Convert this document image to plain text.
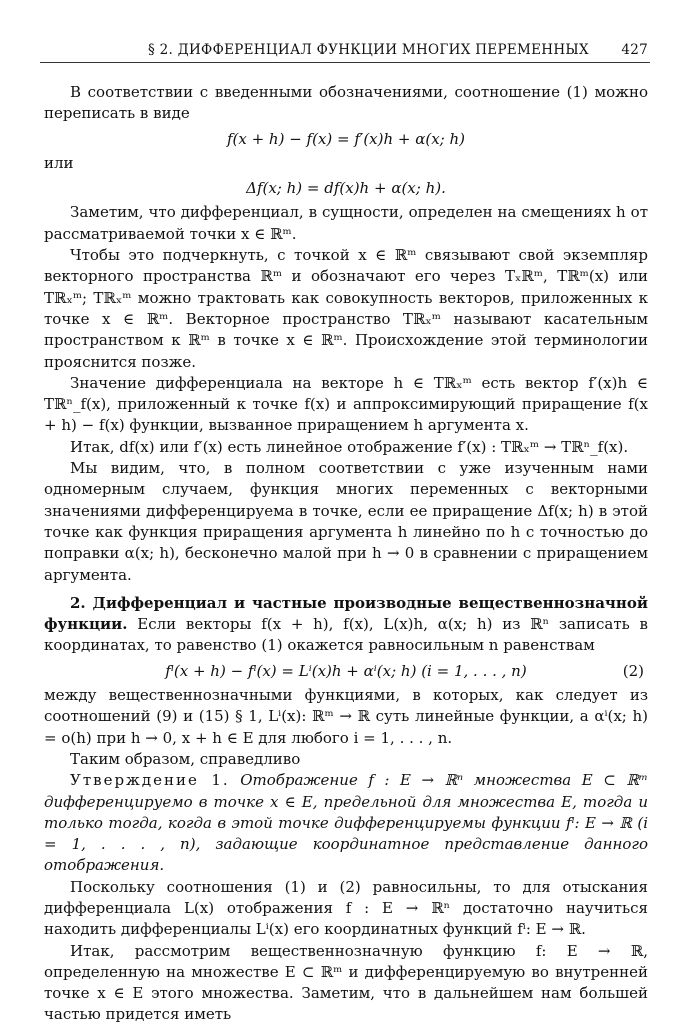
§ 2. ДИФФЕРЕНЦИАЛ ФУНКЦИИ МНОГИХ ПЕРЕМЕННЫХ 427

В соответствии с введенными обозначениями, соотношение (1) можно переписать в виде

f(x + h) − f(x) = f′(x)h + α(x; h)

или

Δf(x; h) = df(x)h + α(x; h).

Заметим, что дифференциал, в сущности, определен на смещениях h от рассматриваемой точки x ∈ ℝᵐ.

Чтобы это подчеркнуть, с точкой x ∈ ℝᵐ связывают свой экземпляр векторного пространства ℝᵐ и обозначают его через Tₓℝᵐ, Tℝᵐ(x) или Tℝₓᵐ; Tℝₓᵐ можно трактовать как совокупность векторов, приложенных к точке x ∈ ℝᵐ. Векторное пространство Tℝₓᵐ называют касательным пространством к ℝᵐ в точке x ∈ ℝᵐ. Происхождение этой терминологии прояснится позже.

Значение дифференциала на векторе h ∈ Tℝₓᵐ есть вектор f′(x)h ∈ Tℝⁿ_f(x), приложенный к точке f(x) и аппроксимирующий приращение f(x + h) − f(x) функции, вызванное приращением h аргумента x.

Итак, df(x) или f′(x) есть линейное отображение f′(x) : Tℝₓᵐ → Tℝⁿ_f(x).

Мы видим, что, в полном соответствии с уже изученным нами одномерным случаем, функция многих переменных с векторными значениями дифференцируема в точке, если ее приращение Δf(x; h) в этой точке как функция приращения аргумента h линейно по h с точностью до поправки α(x; h), бесконечно малой при h → 0 в сравнении с приращением аргумента.

2. Дифференциал и частные производные вещественнозначной функции. Если векторы f(x + h), f(x), L(x)h, α(x; h) из ℝⁿ записать в координатах, то равенство (1) окажется равносильным n равенствам

fⁱ(x + h) − fⁱ(x) = Lⁱ(x)h + αⁱ(x; h) (i = 1, . . . , n)	(2)

между вещественнозначными функциями, в которых, как следует из соотношений (9) и (15) § 1, Lⁱ(x): ℝᵐ → ℝ суть линейные функции, а αⁱ(x; h) = o(h) при h → 0, x + h ∈ E для любого i = 1, . . . , n.

Таким образом, справедливо

Утверждение 1. Отображение f : E → ℝⁿ множества E ⊂ ℝᵐ дифференцируемо в точке x ∈ E, предельной для множества E, тогда и только тогда, когда в этой точке дифференцируемы функции fⁱ: E → ℝ (i = 1, . . . , n), задающие координатное представление данного отображения.

Поскольку соотношения (1) и (2) равносильны, то для отыскания дифференциала L(x) отображения f : E → ℝⁿ достаточно научиться находить дифференциалы Lⁱ(x) его координатных функций fⁱ: E → ℝ.

Итак, рассмотрим вещественнозначную функцию f: E → ℝ, определенную на множестве E ⊂ ℝᵐ и дифференцируемую во внутренней точке x ∈ E этого множества. Заметим, что в дальнейшем нам большей частью придется иметь
